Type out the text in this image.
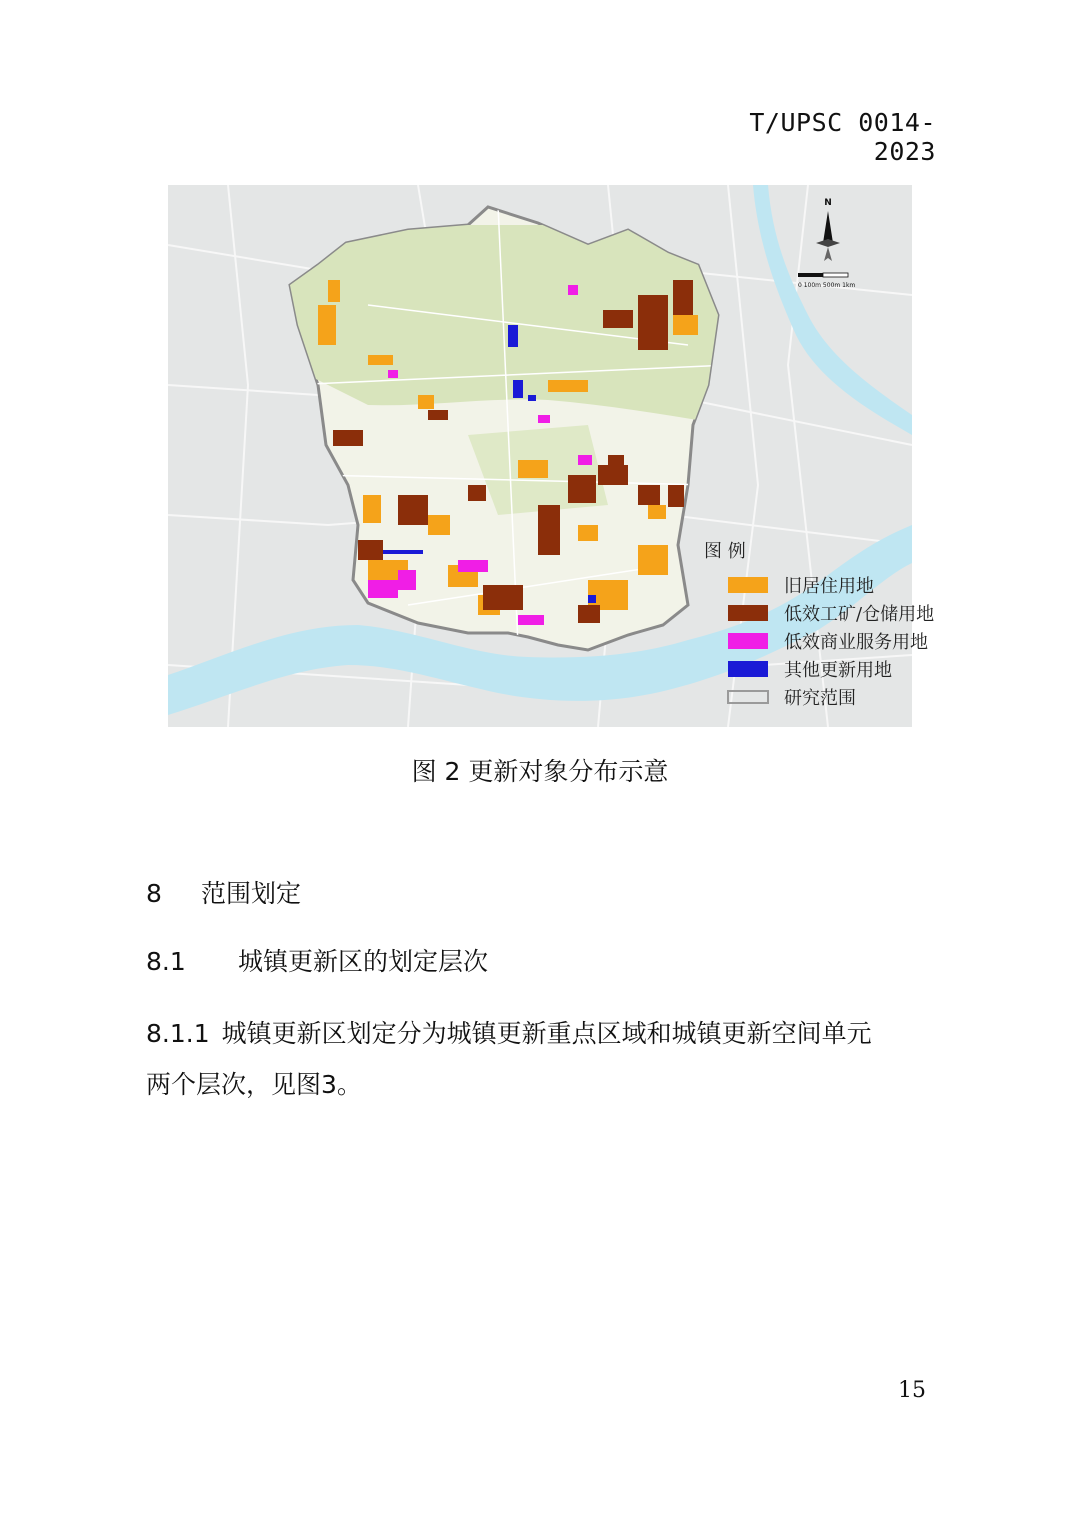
T/UPSC 0014-2023
N
0 100m 500m 1km
图 例
旧居住用地
低效工矿/仓储用地
低效商业服务用地
其他更新用地
研究范围
图 2 更新对象分布示意
8 范围划定
8.1 城镇更新区的划定层次
8.1.1 城镇更新区划定分为城镇更新重点区域和城镇更新空间单元
两个层次，见图3。
15
